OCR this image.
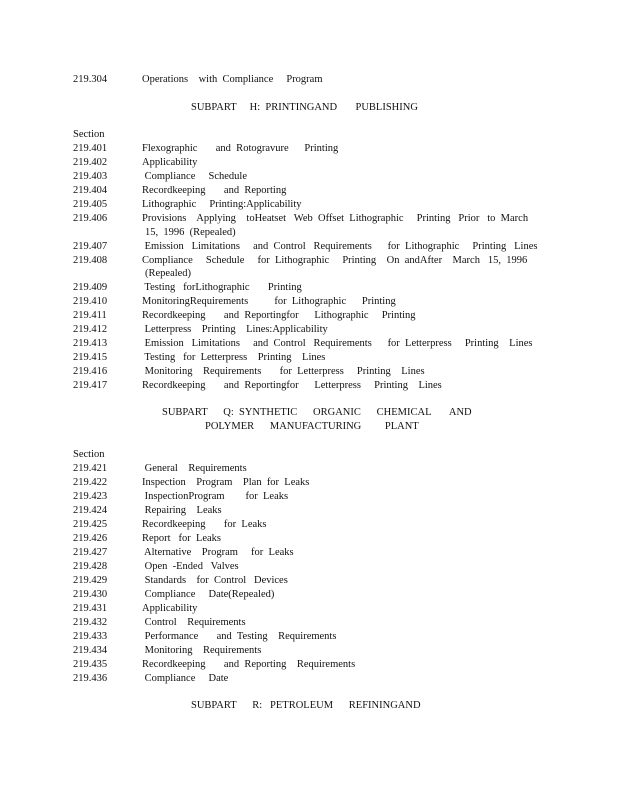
219.304	Operations    with  Compliance     Program
SUBPART     H:  PRINTINGAND       PUBLISHING
Section
219.401	Flexographic       and  Rotogravure      Printing
219.402	Applicability
219.403	Compliance     Schedule
219.404	Recordkeeping       and  Reporting
219.405	Lithographic     Printing:Applicability
219.406	Provisions    Applying    toHeatset   Web  Offset  Lithographic     Printing   Prior   to  March
15,  1996  (Repealed)
219.407	Emission   Limitations     and  Control   Requirements      for  Lithographic     Printing   Lines
219.408	Compliance     Schedule     for  Lithographic     Printing    On  andAfter    March   15,  1996
(Repealed)
219.409	Testing   forLithographic       Printing
219.410	MonitoringRequirements          for  Lithographic      Printing
219.411	Recordkeeping       and  Reportingfor      Lithographic     Printing
219.412	Letterpress    Printing    Lines:Applicability
219.413	Emission   Limitations     and  Control   Requirements      for  Letterpress     Printing    Lines
219.415	Testing   for  Letterpress    Printing    Lines
219.416	Monitoring    Requirements       for  Letterpress     Printing    Lines
219.417	Recordkeeping       and  Reportingfor      Letterpress     Printing    Lines
SUBPART      Q:  SYNTHETIC      ORGANIC      CHEMICAL       AND
POLYMER      MANUFACTURING         PLANT
Section
219.421	General    Requirements
219.422	Inspection    Program    Plan  for  Leaks
219.423	InspectionProgram        for  Leaks
219.424	Repairing    Leaks
219.425	Recordkeeping       for  Leaks
219.426	Report   for  Leaks
219.427	Alternative    Program     for  Leaks
219.428	Open  -Ended   Valves
219.429	Standards    for  Control   Devices
219.430	Compliance     Date(Repealed)
219.431	Applicability
219.432	Control    Requirements
219.433	Performance       and  Testing    Requirements
219.434	Monitoring    Requirements
219.435	Recordkeeping       and  Reporting    Requirements
219.436	Compliance     Date
SUBPART      R:   PETROLEUM      REFININGAND
